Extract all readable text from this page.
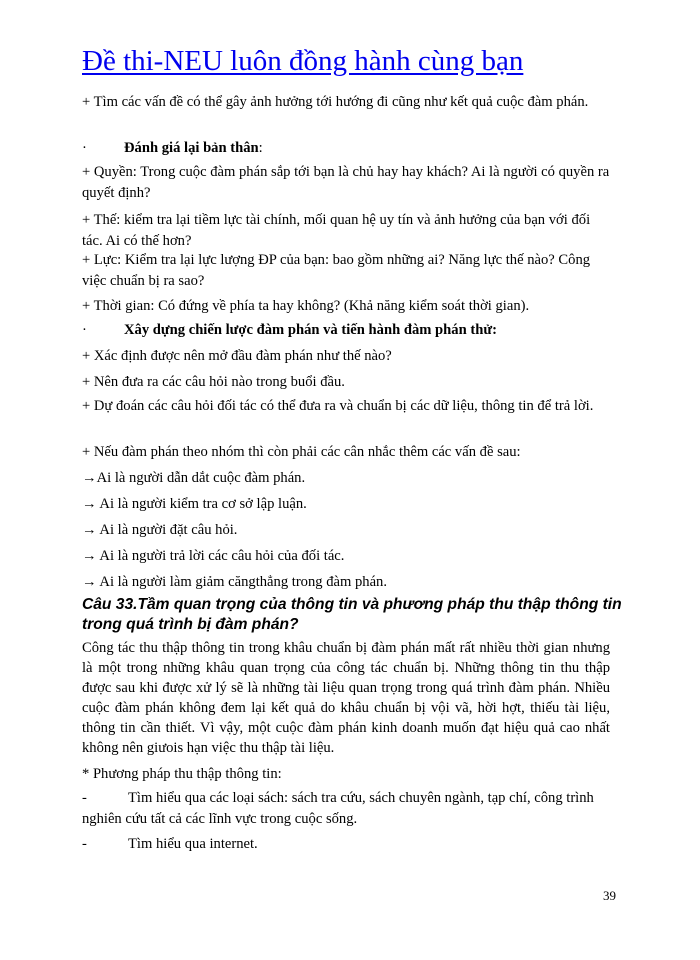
Đề thi-NEU luôn đồng hành cùng bạn

+ Tìm các vấn đề có thể gây ảnh hưởng tới hướng đi cũng như kết quả cuộc đàm phán.

·	Đánh giá lại bản thân:

+ Quyền: Trong cuộc đàm phán sắp tới bạn là chủ hay hay khách? Ai là người có quyền ra quyết định?

+ Thế: kiểm tra lại tiềm lực tài chính, mối quan hệ uy tín và ảnh hưởng của bạn với đối tác. Ai có thế hơn?

+ Lực: Kiểm tra lại lực lượng ĐP của bạn: bao gồm những ai? Năng lực thế nào? Công việc chuẩn bị ra sao?

+ Thời gian: Có đứng về phía ta hay không? (Khả năng kiểm soát thời gian).

·	Xây dựng chiến lược đàm phán và tiến hành đàm phán thử:

+ Xác định được nên mở đầu đàm phán như thế nào?

+ Nên đưa ra các câu hỏi nào trong buổi đầu.

+ Dự đoán các câu hỏi đối tác có thể đưa ra và chuẩn bị các dữ liệu, thông tin để trả lời.

+ Nếu đàm phán theo nhóm thì còn phải các cân nhắc thêm các vấn đề sau:

→Ai là người dẫn dắt cuộc đàm phán.

→ Ai là người kiểm tra cơ sở lập luận.

→ Ai là người đặt câu hỏi.

→ Ai là người trả lời các câu hỏi của đối tác.

→ Ai là người làm giảm căngthẳng trong đàm phán.

Câu 33.Tầm quan trọng của thông tin và phương pháp thu thập thông tin trong quá trình bị đàm phán?

Công tác thu thập thông tin trong khâu chuẩn bị đàm phán mất rất nhiều thời gian nhưng là một trong những khâu quan trọng của công tác chuẩn bị. Những thông tin thu thập được sau khi được xử lý sẽ là những tài liệu quan trọng trong quá trình đàm phán. Nhiều cuộc đàm phán không đem lại kết quả do khâu chuẩn bị vội vã, hời hợt, thiếu tài liệu, thông tin cần thiết. Vì vậy, một cuộc đàm phán kinh doanh muốn đạt hiệu quả cao nhất không nên giưois hạn việc thu thập tài liệu.

* Phương pháp thu thập thông tin:

-	Tìm hiểu qua các loại sách: sách tra cứu, sách chuyên ngành, tạp chí, công trình nghiên cứu tất cả các lĩnh vực trong cuộc sống.

-	Tìm hiểu qua internet.

39
